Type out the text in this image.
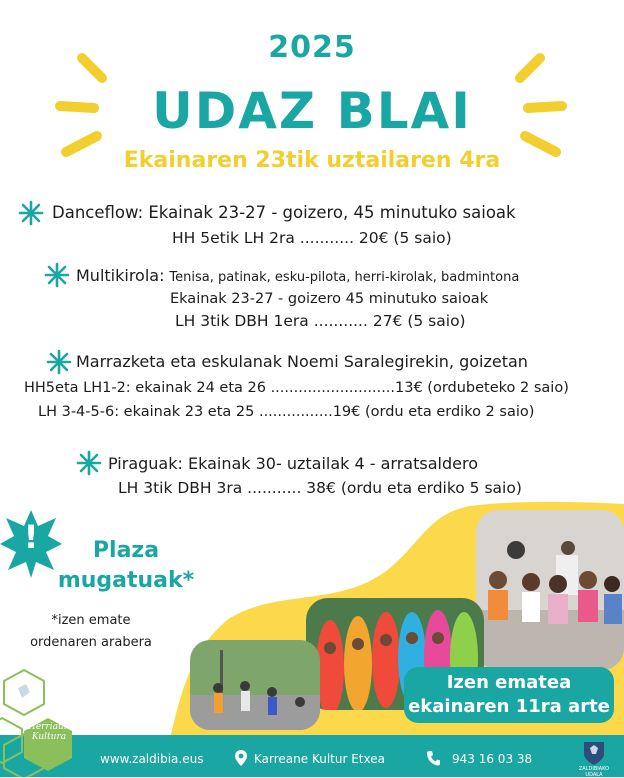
2025
UDAZ BLAI
Ekainaren 23tik uztailaren 4ra
Danceflow: Ekainak 23-27 - goizero, 45 minutuko saioak
HH 5etik LH 2ra ........... 20€ (5 saio)
Multikirola: Tenisa, patinak, esku-pilota, herri-kirolak, badmintona
Ekainak 23-27 - goizero 45 minutuko saioak
LH 3tik DBH 1era ........... 27€ (5 saio)
Marrazketa eta eskulanak Noemi Saralegirekin, goizetan
HH5eta LH1-2: ekainak 24 eta 26 ...........................13€ (ordubeteko 2 saio)
LH 3-4-5-6: ekainak 23 eta 25 ................19€ (ordu eta erdiko 2 saio)
Piraguak: Ekainak 30- uztailak 4 - arratsaldero
LH 3tik DBH 3ra ........... 38€ (ordu eta erdiko 5 saio)
!	Plaza
mugatuak*
*izen emate
ordenaren arabera
Izen ematea
ekainaren 11ra arte
Herriauitzen Kultura
www.zaldibia.eus	Karreane Kultur Etxea	943 16 03 38
ZALDIBIAKO UDALA
